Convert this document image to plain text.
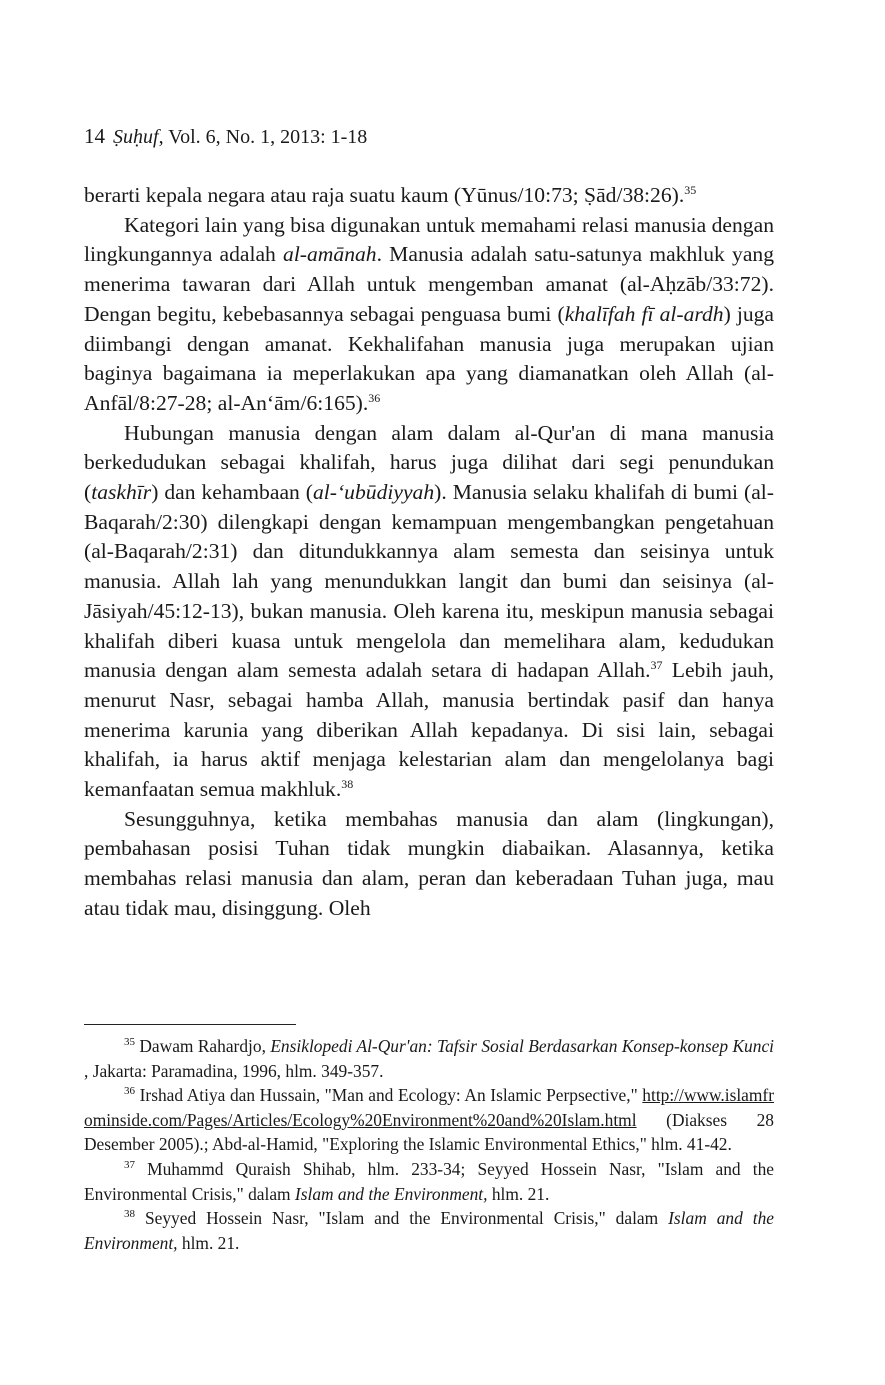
14 Ṣuḥuf, Vol. 6, No. 1, 2013: 1-18

berarti kepala negara atau raja suatu kaum (Yūnus/10:73; Ṣād/38:26).$^{35}$

Kategori lain yang bisa digunakan untuk memahami relasi manusia dengan lingkungannya adalah al-amānah. Manusia adalah satu-satunya makhluk yang menerima tawaran dari Allah untuk mengemban amanat (al-Aḥzāb/33:72). Dengan begitu, kebebasannya sebagai penguasa bumi (khalīfah fī al-ardh) juga diimbangi dengan amanat. Kekhalifahan manusia juga merupakan ujian baginya bagaimana ia meperlakukan apa yang diamanatkan oleh Allah (al-Anfāl/8:27-28; al-An‘ām/6:165).$^{36}$

Hubungan manusia dengan alam dalam al-Qur'an di mana manusia berkedudukan sebagai khalifah, harus juga dilihat dari segi penundukan (taskhīr) dan kehambaan (al-‘ubūdiyyah). Manusia selaku khalifah di bumi (al-Baqarah/2:30) dilengkapi dengan kemampuan mengembangkan pengetahuan (al-Baqarah/2:31) dan ditundukkannya alam semesta dan seisinya untuk manusia. Allah lah yang menundukkan langit dan bumi dan seisinya (al-Jāsiyah/45:12-13), bukan manusia. Oleh karena itu, meskipun manusia sebagai khalifah diberi kuasa untuk mengelola dan memelihara alam, kedudukan manusia dengan alam semesta adalah setara di hadapan Allah.$^{37}$ Lebih jauh, menurut Nasr, sebagai hamba Allah, manusia bertindak pasif dan hanya menerima karunia yang diberikan Allah kepadanya. Di sisi lain, sebagai khalifah, ia harus aktif menjaga kelestarian alam dan mengelolanya bagi kemanfaatan semua makhluk.$^{38}$

Sesungguhnya, ketika membahas manusia dan alam (lingkungan), pembahasan posisi Tuhan tidak mungkin diabaikan. Alasannya, ketika membahas relasi manusia dan alam, peran dan keberadaan Tuhan juga, mau atau tidak mau, disinggung. Oleh

$^{35}$ Dawam Rahardjo, Ensiklopedi Al-Qur'an: Tafsir Sosial Berdasarkan Konsep-konsep Kunci , Jakarta: Paramadina, 1996, hlm. 349-357.

$^{36}$ Irshad Atiya dan Hussain, "Man and Ecology: An Islamic Perpsective," http://www.islamfrominside.com/Pages/Articles/Ecology%20Environment%20and%20Islam.html (Diakses 28 Desember 2005).; Abd-al-Hamid, "Exploring the Islamic Environmental Ethics," hlm. 41-42.

$^{37}$ Muhammd Quraish Shihab, hlm. 233-34; Seyyed Hossein Nasr, "Islam and the Environmental Crisis," dalam Islam and the Environment, hlm. 21.

$^{38}$ Seyyed Hossein Nasr, "Islam and the Environmental Crisis," dalam Islam and the Environment, hlm. 21.
